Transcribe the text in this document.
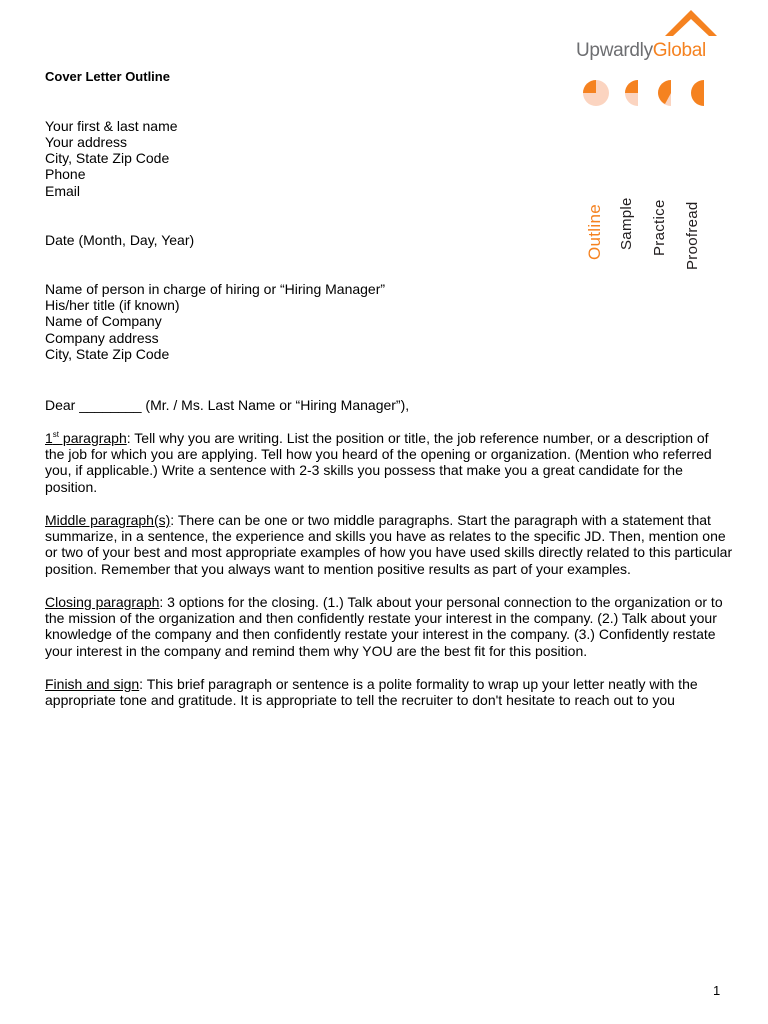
UpwardlyGlobal
Outline Sample Practice Proofread
Cover Letter Outline
Your first & last name
Your address
City, State Zip Code
Phone
Email
Date (Month, Day, Year)
Name of person in charge of hiring or “Hiring Manager”
His/her title (if known)
Name of Company
Company address
City, State Zip Code
Dear ________ (Mr. / Ms. Last Name or “Hiring Manager”),
1st paragraph: Tell why you are writing. List the position or title, the job reference number, or a description of
the job for which you are applying. Tell how you heard of the opening or organization. (Mention who referred
you, if applicable.) Write a sentence with 2-3 skills you possess that make you a great candidate for the
position.
Middle paragraph(s): There can be one or two middle paragraphs. Start the paragraph with a statement that
summarize, in a sentence, the experience and skills you have as relates to the specific JD. Then, mention one
or two of your best and most appropriate examples of how you have used skills directly related to this particular
position. Remember that you always want to mention positive results as part of your examples.
Closing paragraph: 3 options for the closing. (1.) Talk about your personal connection to the organization or to
the mission of the organization and then confidently restate your interest in the company. (2.) Talk about your
knowledge of the company and then confidently restate your interest in the company. (3.) Confidently restate
your interest in the company and remind them why YOU are the best fit for this position.
Finish and sign: This brief paragraph or sentence is a polite formality to wrap up your letter neatly with the
appropriate tone and gratitude. It is appropriate to tell the recruiter to don't hesitate to reach out to you
1
